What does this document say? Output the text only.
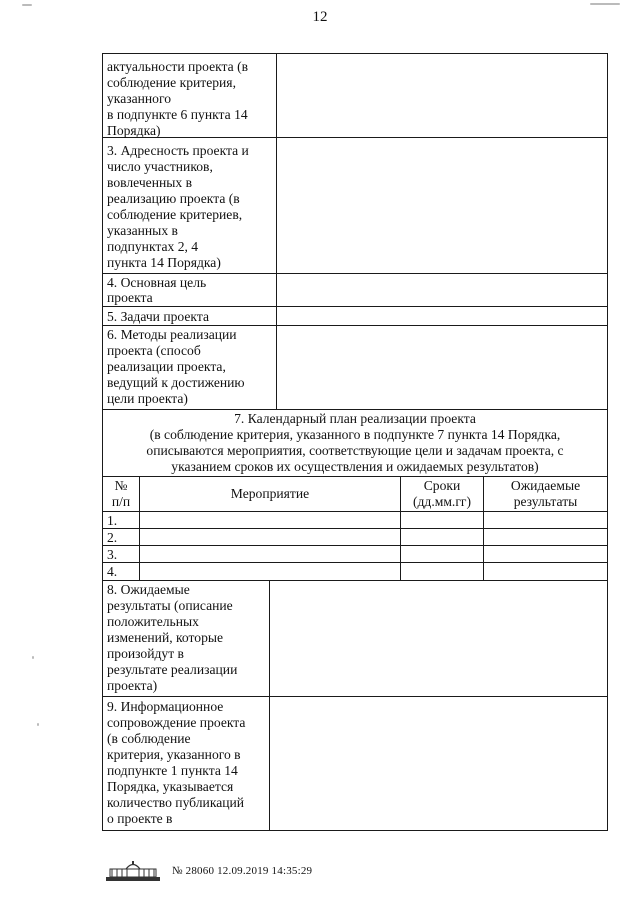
12
актуальности проекта (в
соблюдение критерия,
указанного
в подпункте 6 пункта 14
Порядка)
3. Адресность проекта и
число участников,
вовлеченных в
реализацию проекта (в
соблюдение критериев,
указанных в
подпунктах 2, 4
пункта 14 Порядка)
4. Основная цель
проекта
5. Задачи проекта
6. Методы реализации
проекта (способ
реализации проекта,
ведущий к достижению
цели проекта)
7. Календарный план реализации проекта
(в соблюдение критерия, указанного в подпункте 7 пункта 14 Порядка,
описываются мероприятия, соответствующие цели и задачам проекта, с
указанием сроков их осуществления и ожидаемых результатов)
№
п/п
Мероприятие
Сроки
(дд.мм.гг)
Ожидаемые
результаты
1.
2.
3.
4.
8. Ожидаемые
результаты (описание
положительных
изменений, которые
произойдут в
результате реализации
проекта)
9. Информационное
сопровождение проекта
(в соблюдение
критерия, указанного в
подпункте 1 пункта 14
Порядка, указывается
количество публикаций
о проекте в
№ 28060 12.09.2019 14:35:29
